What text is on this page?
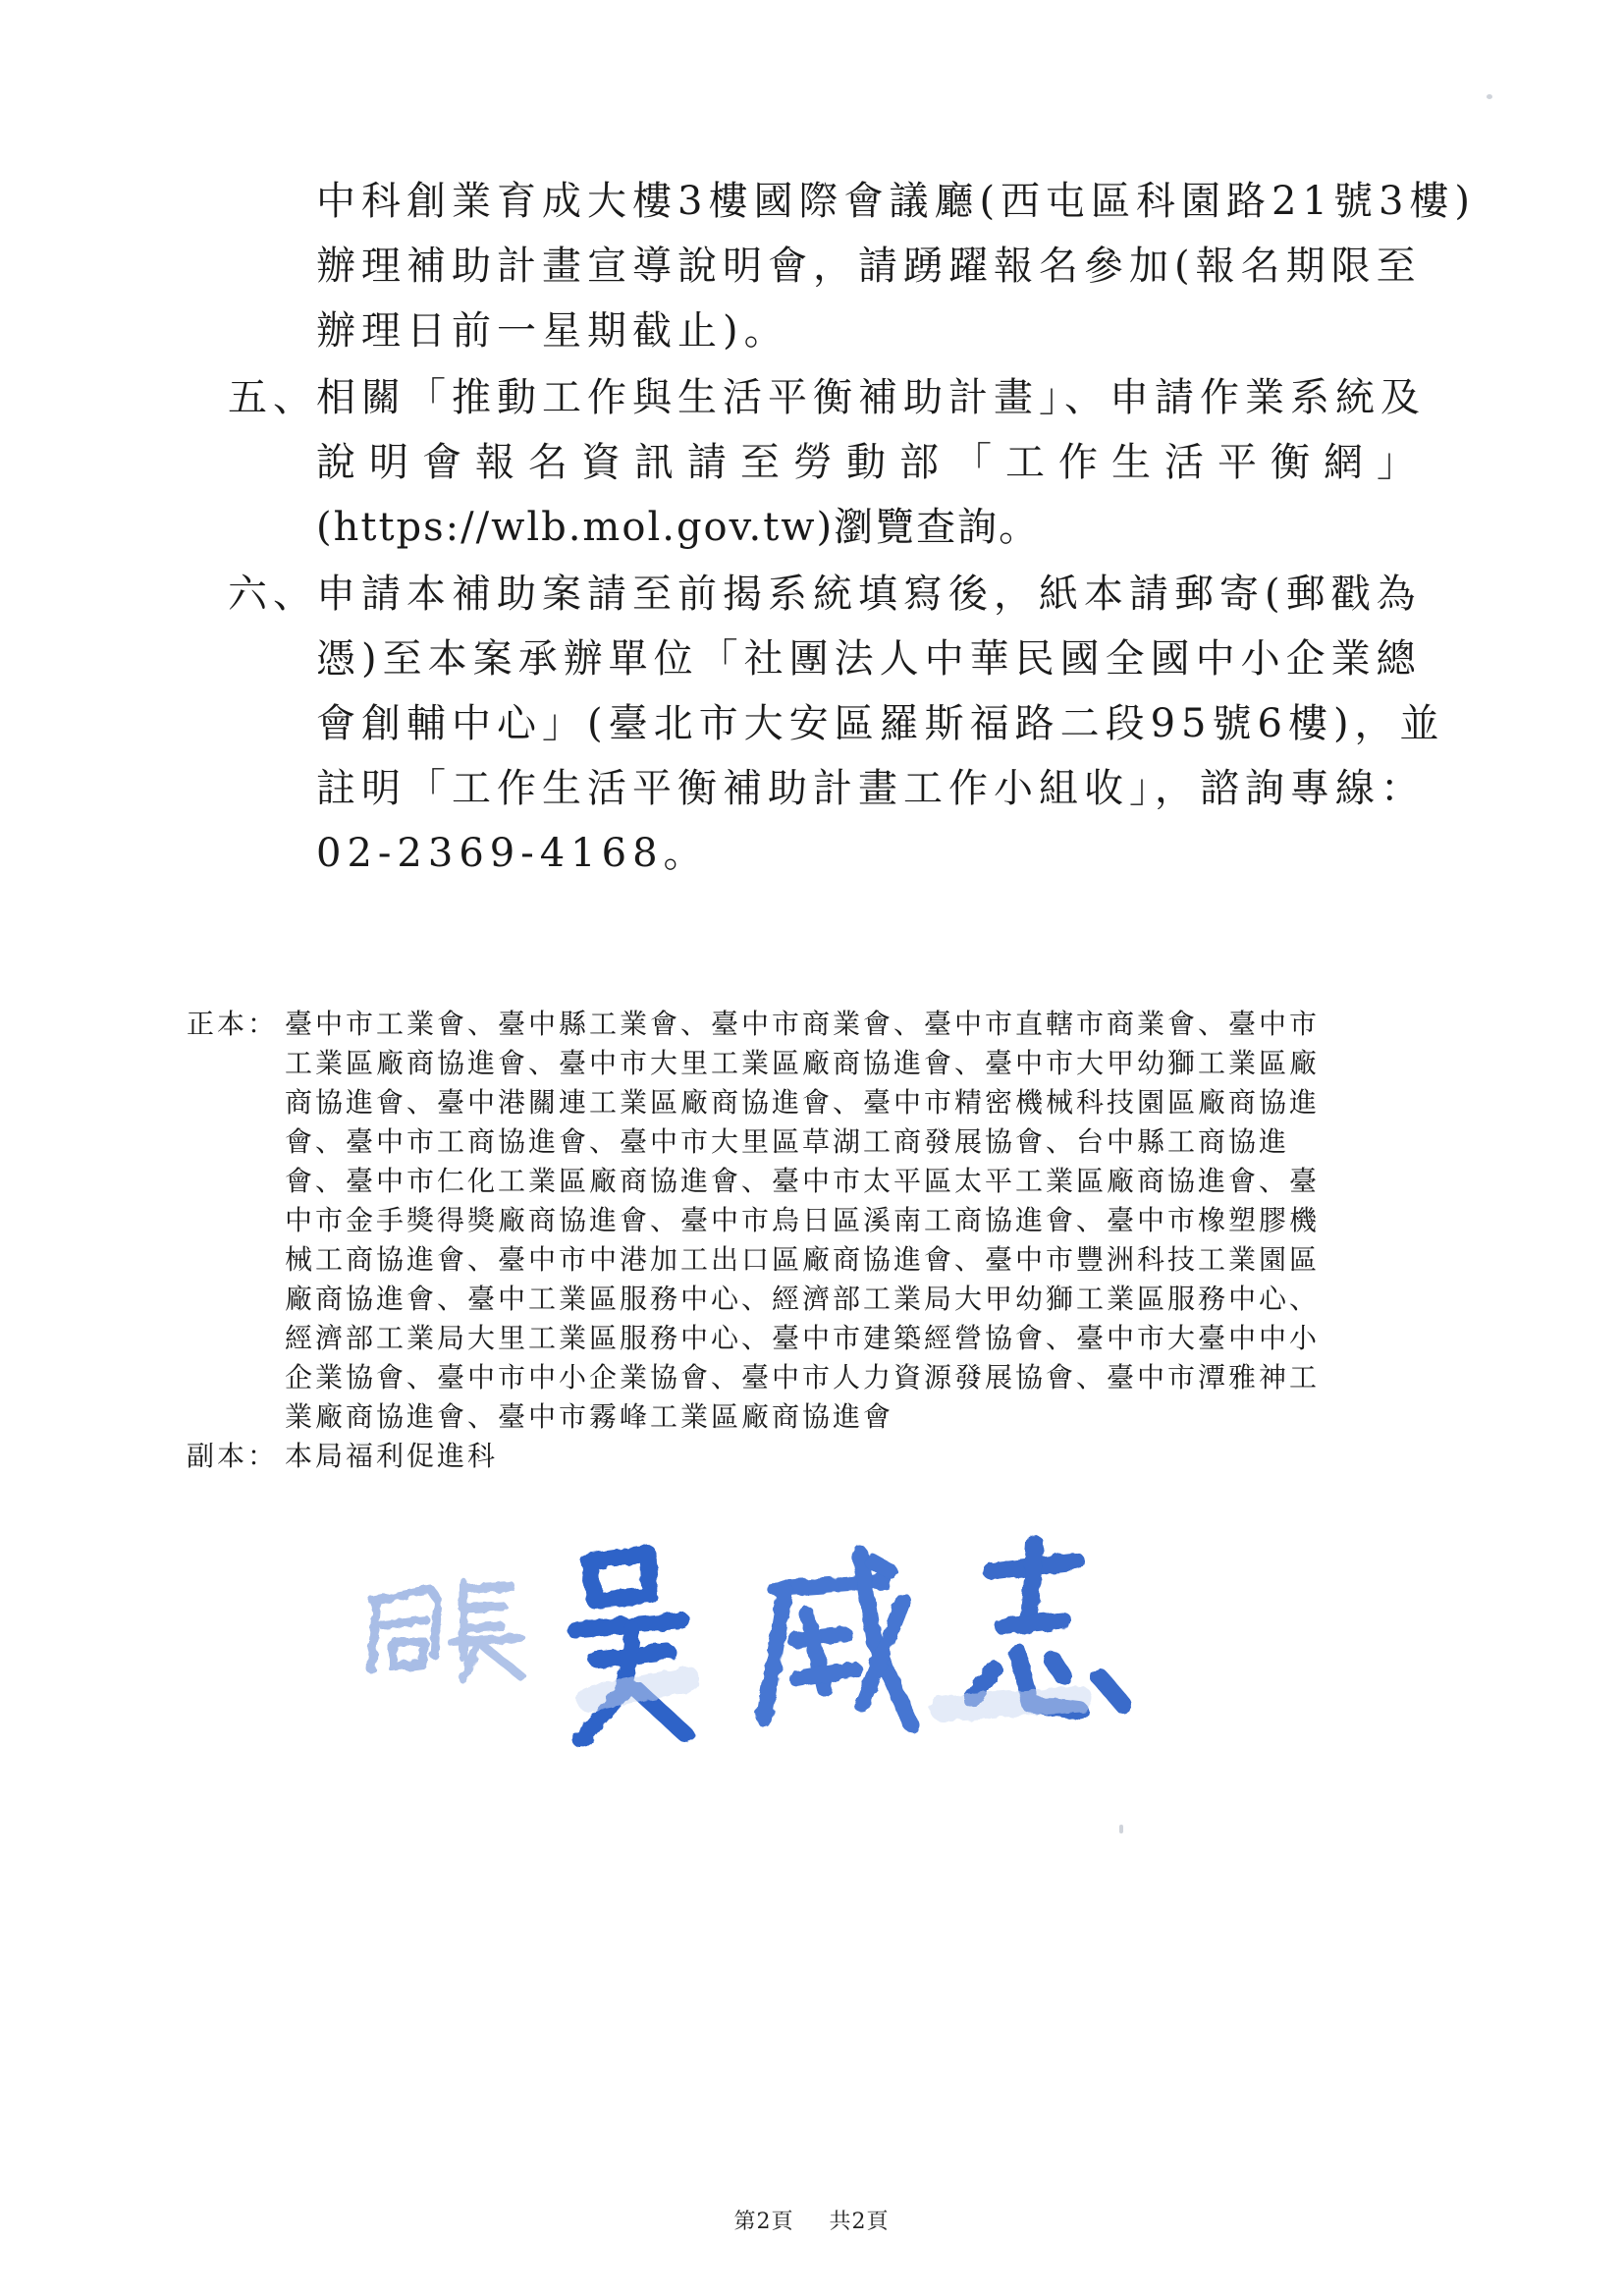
中科創業育成大樓3樓國際會議廳(西屯區科園路21號3樓)
辦理補助計畫宣導說明會，請踴躍報名參加(報名期限至
辦理日前一星期截止)。
五、
相關「推動工作與生活平衡補助計畫」、申請作業系統及
說明會報名資訊請至勞動部「工作生活平衡網」
(https://wlb.mol.gov.tw)瀏覽查詢。
六、
申請本補助案請至前揭系統填寫後，紙本請郵寄(郵戳為
憑)至本案承辦單位「社團法人中華民國全國中小企業總
會創輔中心」(臺北市大安區羅斯福路二段95號6樓)，並
註明「工作生活平衡補助計畫工作小組收」，諮詢專線：
02-2369-4168。
正本： 臺中市工業會、臺中縣工業會、臺中市商業會、臺中市直轄市商業會、臺中市
工業區廠商協進會、臺中市大里工業區廠商協進會、臺中市大甲幼獅工業區廠
商協進會、臺中港關連工業區廠商協進會、臺中市精密機械科技園區廠商協進
會、臺中市工商協進會、臺中市大里區草湖工商發展協會、台中縣工商協進
會、臺中市仁化工業區廠商協進會、臺中市太平區太平工業區廠商協進會、臺
中市金手獎得獎廠商協進會、臺中市烏日區溪南工商協進會、臺中市橡塑膠機
械工商協進會、臺中市中港加工出口區廠商協進會、臺中市豐洲科技工業園區
廠商協進會、臺中工業區服務中心、經濟部工業局大甲幼獅工業區服務中心、
經濟部工業局大里工業區服務中心、臺中市建築經營協會、臺中市大臺中中小
企業協會、臺中市中小企業協會、臺中市人力資源發展協會、臺中市潭雅神工
業廠商協進會、臺中市霧峰工業區廠商協進會
副本： 本局福利促進科
第2頁 共2頁
